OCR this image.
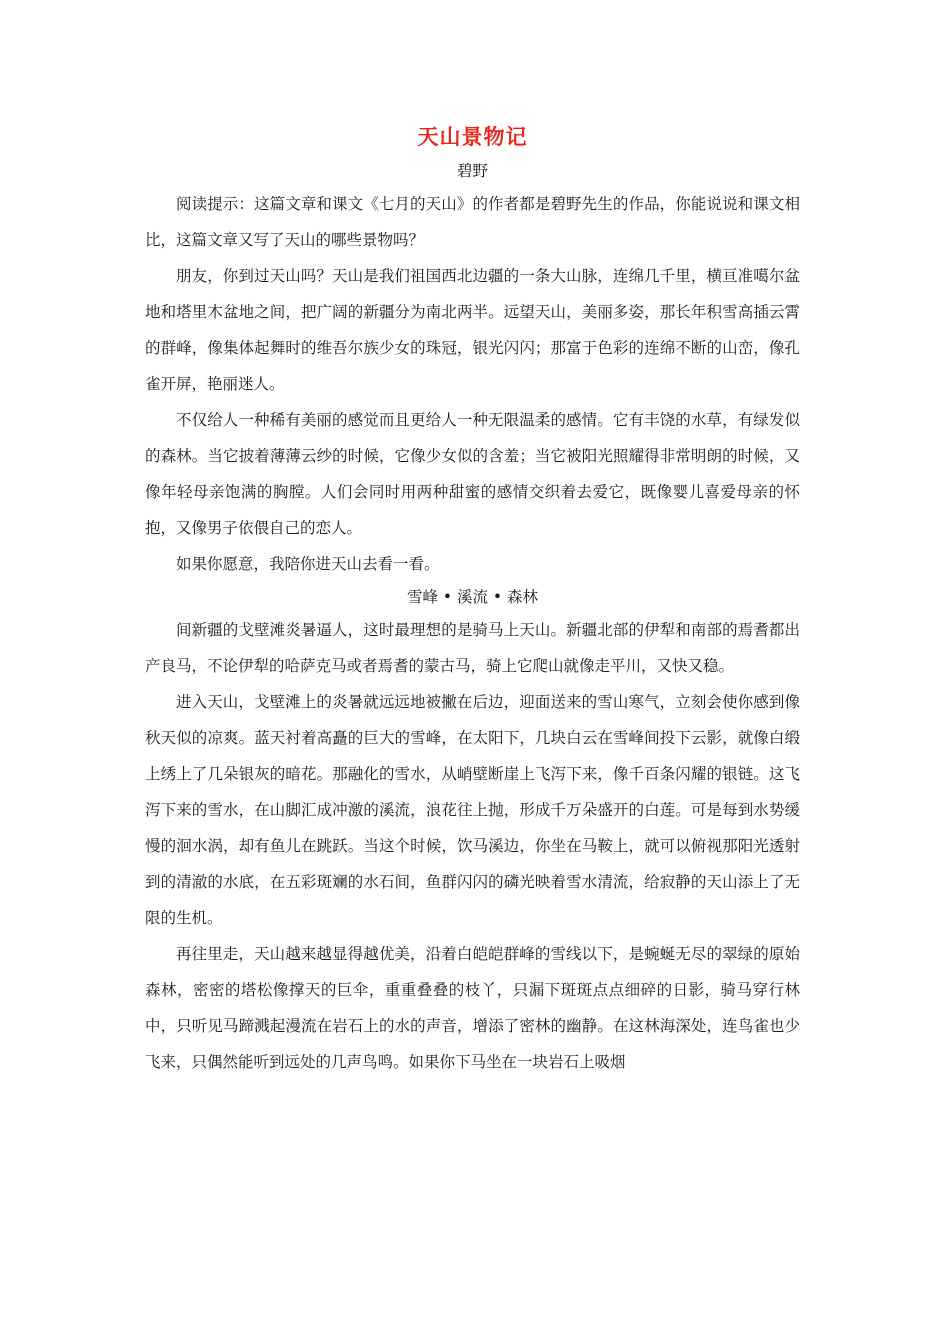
天山景物记

碧野

阅读提示：这篇文章和课文《七月的天山》的作者都是碧野先生的作品，你能说说和课文相比，这篇文章又写了天山的哪些景物吗？

朋友，你到过天山吗？天山是我们祖国西北边疆的一条大山脉，连绵几千里，横亘准噶尔盆地和塔里木盆地之间，把广阔的新疆分为南北两半。远望天山，美丽多姿，那长年积雪高插云霄的群峰，像集体起舞时的维吾尔族少女的珠冠，银光闪闪；那富于色彩的连绵不断的山峦，像孔雀开屏，艳丽迷人。

不仅给人一种稀有美丽的感觉而且更给人一种无限温柔的感情。它有丰饶的水草，有绿发似的森林。当它披着薄薄云纱的时候，它像少女似的含羞；当它被阳光照耀得非常明朗的时候，又像年轻母亲饱满的胸膛。人们会同时用两种甜蜜的感情交织着去爱它，既像婴儿喜爱母亲的怀抱，又像男子依偎自己的恋人。

如果你愿意，我陪你进天山去看一看。

雪峰 • 溪流 • 森林

间新疆的戈壁滩炎暑逼人，这时最理想的是骑马上天山。新疆北部的伊犁和南部的焉耆都出产良马，不论伊犁的哈萨克马或者焉耆的蒙古马，骑上它爬山就像走平川，又快又稳。

进入天山，戈壁滩上的炎暑就远远地被撇在后边，迎面送来的雪山寒气，立刻会使你感到像秋天似的凉爽。蓝天衬着高矗的巨大的雪峰，在太阳下，几块白云在雪峰间投下云影，就像白缎上绣上了几朵银灰的暗花。那融化的雪水，从峭壁断崖上飞泻下来，像千百条闪耀的银链。这飞泻下来的雪水，在山脚汇成冲激的溪流，浪花往上抛，形成千万朵盛开的白莲。可是每到水势缓慢的洄水涡，却有鱼儿在跳跃。当这个时候，饮马溪边，你坐在马鞍上，就可以俯视那阳光透射到的清澈的水底，在五彩斑斓的水石间，鱼群闪闪的磷光映着雪水清流，给寂静的天山添上了无限的生机。

再往里走，天山越来越显得越优美，沿着白皑皑群峰的雪线以下，是蜿蜒无尽的翠绿的原始森林，密密的塔松像撑天的巨伞，重重叠叠的枝丫，只漏下斑斑点点细碎的日影，骑马穿行林中，只听见马蹄溅起漫流在岩石上的水的声音，增添了密林的幽静。在这林海深处，连鸟雀也少飞来，只偶然能听到远处的几声鸟鸣。如果你下马坐在一块岩石上吸烟
